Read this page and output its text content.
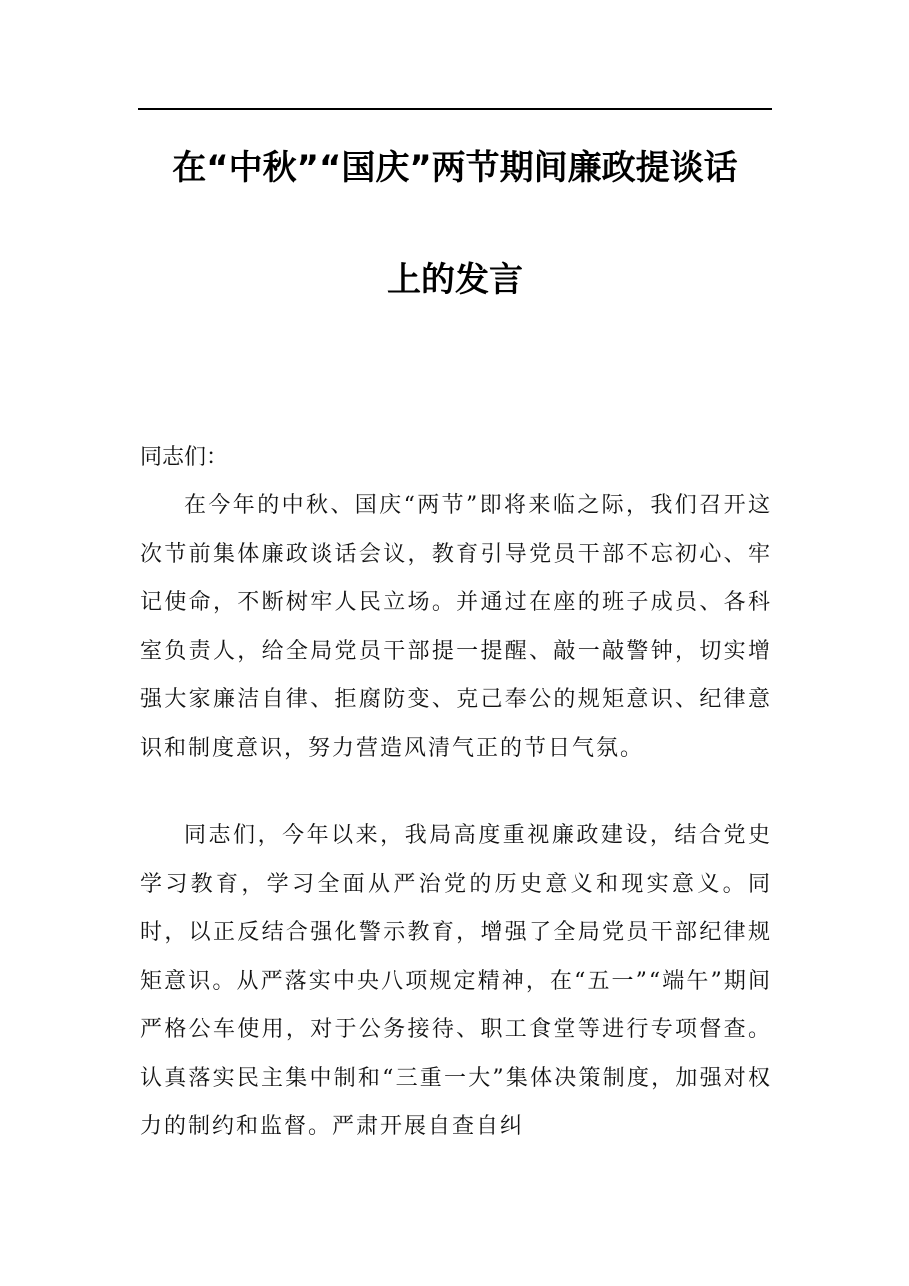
在“中秋”“国庆”两节期间廉政提谈话
上的发言
同志们：

在今年的中秋、国庆“两节”即将来临之际，我们召开这次节前集体廉政谈话会议，教育引导党员干部不忘初心、牢记使命，不断树牢人民立场。并通过在座的班子成员、各科室负责人，给全局党员干部提一提醒、敲一敲警钟，切实增强大家廉洁自律、拒腐防变、克己奉公的规矩意识、纪律意识和制度意识，努力营造风清气正的节日气氛。

同志们，今年以来，我局高度重视廉政建设，结合党史学习教育，学习全面从严治党的历史意义和现实意义。同时，以正反结合强化警示教育，增强了全局党员干部纪律规矩意识。从严落实中央八项规定精神，在“五一”“端午”期间严格公车使用，对于公务接待、职工食堂等进行专项督查。认真落实民主集中制和“三重一大”集体决策制度，加强对权力的制约和监督。严肃开展自查自纠
